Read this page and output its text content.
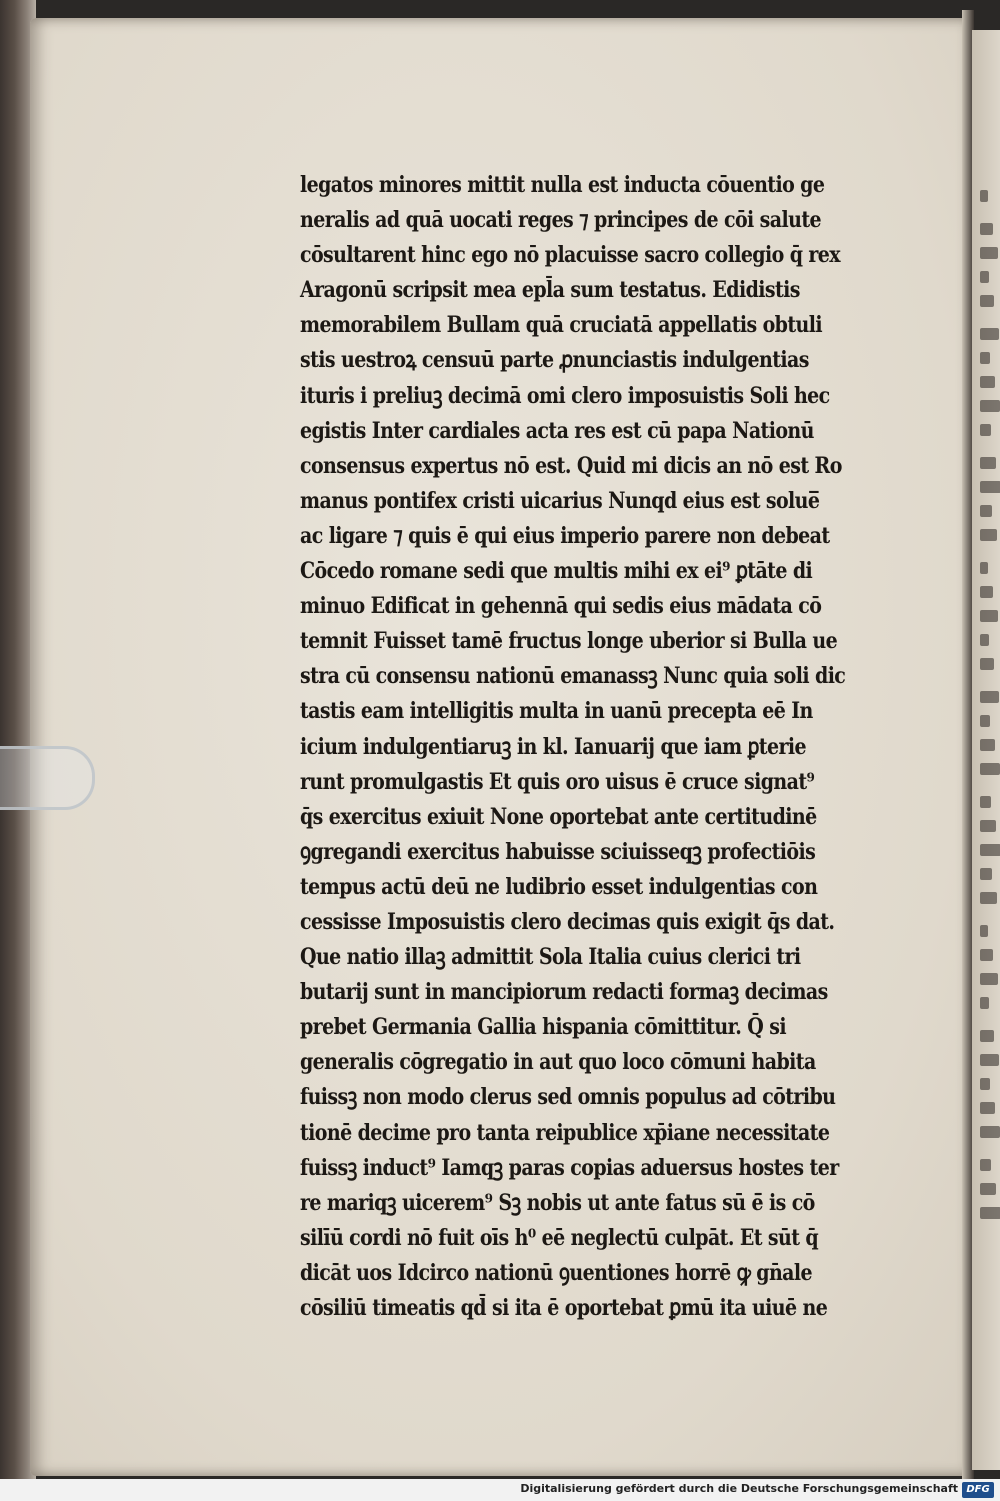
legatos minores mittit nulla est inducta cōuentio ge

neralis ad quā uocati reges ⁊ principes de cōi salute

cōsultarent hinc ego nō placuisse sacro collegio q̄ rex

Aragonū scripsit mea epl̄a sum testatus. Edidistis

memorabilem Bullam quā cruciatā appellatis obtuli

stis uestroꝝ censuū parte ꝓnunciastis indulgentias

ituris i preliuꝫ decimā omi clero imposuistis Soli hec

egistis Inter cardiales acta res est cū papa Nationū

consensus expertus nō est. Quid mi dicis an nō est Ro

manus pontifex cristi uicarius Nunqd eius est solue̅

ac ligare ⁊ quis ē qui eius imperio parere non debeat

Cōcedo romane sedi que multis mihi ex ei⁹ ꝑtāte di

minuo Edificat in gehennā qui sedis eius mādata cō

temnit Fuisset tamē fructus longe uberior si Bulla ue

stra cū consensu nationū emanassꝫ Nunc quia soli dic

tastis eam intelligitis multa in uanū precepta eē In

icium indulgentiaruꝫ in kl. Ianuarij que iam ꝑterie

runt promulgastis Et quis oro uisus ē cruce signat⁹

q̄s exercitus exiuit None oportebat ante certitudinē

ꝯgregandi exercitus habuisse sciuisseqꝫ profectiōis

tempus actū deū ne ludibrio esset indulgentias con

cessisse Imposuistis clero decimas quis exigit q̄s dat.

Que natio illaꝫ admittit Sola Italia cuius clerici tri

butarij sunt in mancipiorum redacti formaꝫ decimas

prebet Germania Gallia hispania cōmittitur. Q̄ si

generalis cōgregatio in aut quo loco cōmuni habita

fuissꝫ non modo clerus sed omnis populus ad cōtribu

tionē decime pro tanta reipublice xp̄iane necessitate

fuissꝫ induct⁹ Iamqꝫ paras copias aduersus hostes ter

re mariqꝫ uicerem⁹ Sꝫ nobis ut ante fatus sū ē̄ is cō

silīū cordi nō fuit oīs h⁰ eē neglectū culpāt. Et sūt q̄

dicāt uos Idcirco nationū ꝯuentiones horrē ꝙ gn̄ale

cōsiliū timeatis qd̄ si ita ē oportebat ꝑmū ita uiuē ne

Digitalisierung gefördert durch die Deutsche Forschungsgemeinschaft DFG
